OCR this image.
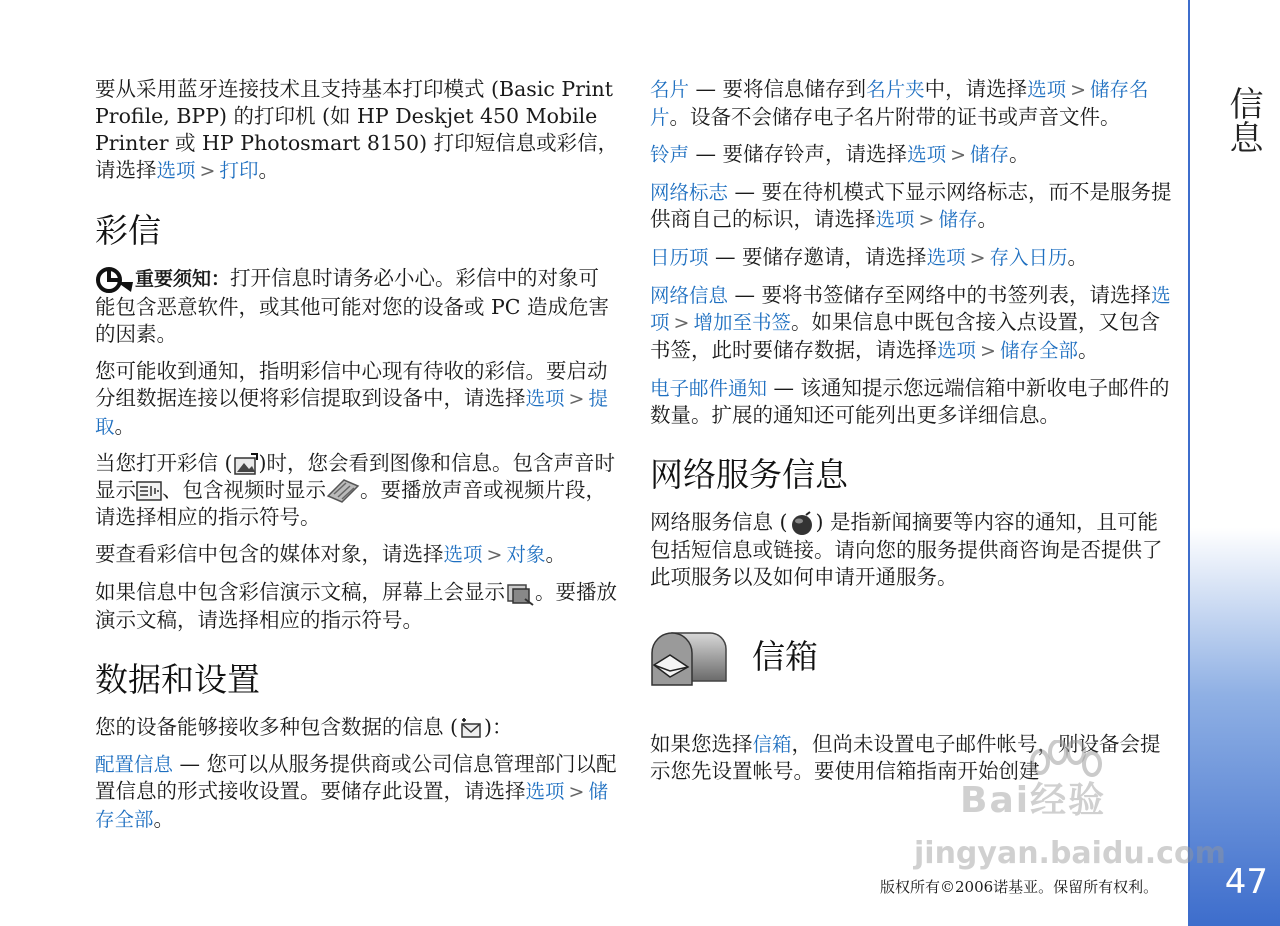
信息
47

要从采用蓝牙连接技术且支持基本打印模式 (Basic Print Profile, BPP) 的打印机 (如 HP Deskjet 450 Mobile Printer 或 HP Photosmart 8150) 打印短信息或彩信，请选择选项 > 打印。

彩信

重要须知：打开信息时请务必小心。彩信中的对象可能包含恶意软件，或其他可能对您的设备或 PC 造成危害的因素。

您可能收到通知，指明彩信中心现有待收的彩信。要启动分组数据连接以便将彩信提取到设备中，请选择选项 > 提取。

当您打开彩信 ( )时，您会看到图像和信息。包含声音时显示 、包含视频时显示 。要播放声音或视频片段，请选择相应的指示符号。

要查看彩信中包含的媒体对象，请选择选项 > 对象。

如果信息中包含彩信演示文稿，屏幕上会显示 。要播放演示文稿，请选择相应的指示符号。

数据和设置

您的设备能够接收多种包含数据的信息 ( )：

配置信息 — 您可以从服务提供商或公司信息管理部门以配置信息的形式接收设置。要储存此设置，请选择选项 > 储存全部。

名片 — 要将信息储存到名片夹中，请选择选项 > 储存名片。设备不会储存电子名片附带的证书或声音文件。

铃声 — 要储存铃声，请选择选项 > 储存。

网络标志 — 要在待机模式下显示网络标志，而不是服务提供商自己的标识，请选择选项 > 储存。

日历项 — 要储存邀请，请选择选项 > 存入日历。

网络信息 — 要将书签储存至网络中的书签列表，请选择选项 > 增加至书签。如果信息中既包含接入点设置，又包含书签，此时要储存数据，请选择选项 > 储存全部。

电子邮件通知 — 该通知提示您远端信箱中新收电子邮件的数量。扩展的通知还可能列出更多详细信息。

网络服务信息

网络服务信息 ( ) 是指新闻摘要等内容的通知，且可能包括短信息或链接。请向您的服务提供商咨询是否提供了此项服务以及如何申请开通服务。

信箱

如果您选择信箱，但尚未设置电子邮件帐号，则设备会提示您先设置帐号。要使用信箱指南开始创建

Bai经验
jingyan.baidu.com
版权所有©2006诺基亚。保留所有权利。
